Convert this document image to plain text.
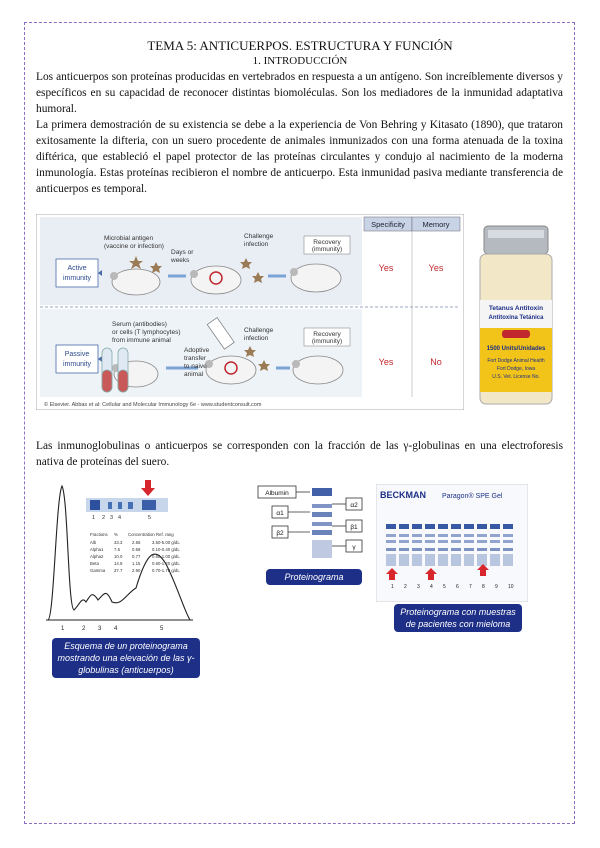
TEMA 5: ANTICUERPOS. ESTRUCTURA Y FUNCIÓN
1. INTRODUCCIÓN

Los anticuerpos son proteínas producidas en vertebrados en respuesta a un antígeno. Son increíblemente diversos y específicos en su capacidad de reconocer distintas biomoléculas. Son los mediadores de la inmunidad adaptativa humoral.

La primera demostración de su existencia se debe a la experiencia de Von Behring y Kitasato (1890), que trataron exitosamente la difteria, con un suero procedente de animales inmunizados con una forma atenuada de la toxina diftérica, que estableció el papel protector de las proteínas circulantes y condujo al nacimiento de la moderna inmunología. Estas proteínas recibieron el nombre de anticuerpo. Esta inmunidad pasiva mediante transferencia de anticuerpos es temporal.

Specificity Memory
Yes	Yes
Yes	No
Active
immunity
Passive
immunity
Microbial antigen
(vaccine or infection)
Days or
weeks
Challenge
infection	Recovery
(immunity)
Serum (antibodies)
or cells (T lymphocytes)
from immune animal
Adoptive
transfer
to naive
animal
Challenge
infection
Recovery
(immunity)
© Elsevier. Abbas et al: Cellular and Molecular Immunology 6e - www.studentconsult.com
Tetanus Antitoxin
Antitoxina Tetánica
1500 Units/Unidades
Fort Dodge Animal Health
Fort Dodge, Iowa
U.S. Vet. License No.

Las inmunoglobulinas o anticuerpos se corresponden con la fracción de las γ-globulinas en una electroforesis nativa de proteínas del suero.

1 2 3 4	5
Fractions % Concentration Ref. rang
Alb	33.3 2.56	3.50-5.00 g/dL
Alpha1 7.5	0.58	0.10-0.40 g/dL
Alpha2 10.0 0.77	0.60-1.00 g/dL
Beta	14.9 1.15	0.60-1.20 g/dL
Gamma 37.7 2.90	0.70-1.70 g/dL
1	2 3 4	5
Esquema de un proteinograma mostrando una elevación de las γ-globulinas (anticuerpos)
Albumin
α1
β2
α2
β1
γ
Proteinograma normal
BECKMAN Paragon® SPE Gel
1 2 3 4 5 6 7 8 9 10
Proteinograma con muestras de pacientes con mieloma
